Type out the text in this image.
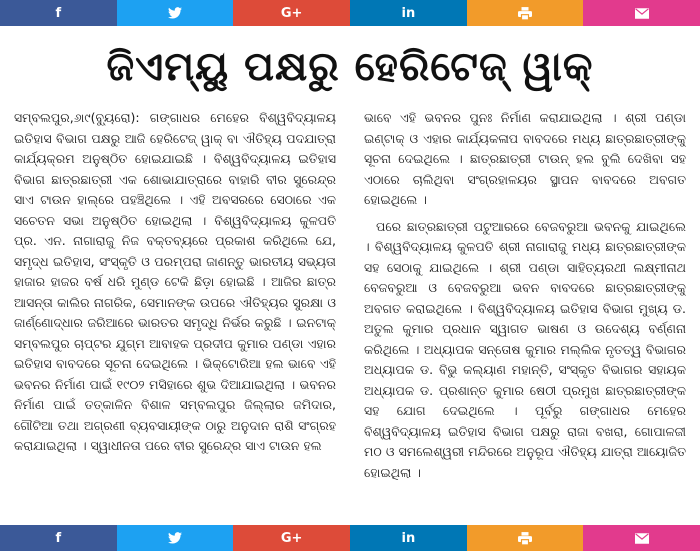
f	G+	in
ଜିଏମ୍‌ୟୁ ପକ୍ଷରୁ ହେରିଟେଜ୍ ୱାକ୍

ସମ୍ବଲପୁର,୬ା୯(ବ୍ୟୁରୋ): ଗଙ୍ଗାଧର ମେହେର ବିଶ୍ୱବିଦ୍ୟାଳୟ ଇତିହାସ ବିଭାଗ ପକ୍ଷରୁ ଆଜି ହେରିଟେଜ୍ ୱାକ୍ ବା ଐତିହ୍ୟ ପଦଯାତ୍ରା କାର୍ଯ୍ୟକ୍ରମ ଅନୁଷ୍ଠିତ ହୋଇଯାଇଛି । ବିଶ୍ୱବିଦ୍ୟାଳୟ ଇତିହାସ ବିଭାଗ ଛାତ୍ରଛାତ୍ରୀ ଏକ ଶୋଭାଯାତ୍ରାରେ ବାହାରି ବୀର ସୁରେନ୍ଦ୍ର ସାଏ ଟାଉନ ହାଲ୍‌ରେ ପହଞ୍ଚିଥିଲେ । ଏହି ଅବସରରେ ସେଠାରେ ଏକ ସଚେତନ ସଭା ଅନୁଷ୍ଠିତ ହୋଇଥିଲା । ବିଶ୍ୱବିଦ୍ୟାଳୟ କୁଳପତି ପ୍ର. ଏନ. ନାଗାରାଜୁ ନିଜ ବକ୍ତବ୍ୟରେ ପ୍ରକାଶ କରିଥିଲେ ଯେ, ସମୃଦ୍ଧ ଇତିହାସ, ସଂସ୍କୃତି ଓ ପରମ୍ପରା ଜାଣନ୍ତୁ ଭାରତୀୟ ସଭ୍ୟତା ହାଜାର ହାଜର ବର୍ଷ ଧରି ମୁଣ୍ଡ ଟେକି ଛିଡ଼ା ହୋଇଛି । ଆଜିର ଛାତ୍ର ଆସନ୍ତା କାଲିର ନାଗରିକ, ସେମାନଙ୍କ ଉପରେ ଐତିହ୍ୟର ସୁରକ୍ଷା ଓ ଜାର୍ଣ୍ଣୋଦ୍ଧାର ଜରିଆରେ ଭାରତର ସମୃଦ୍ଧି ନିର୍ଭର କରୁଛି । ଇନଟାକ୍ ସମ୍ବଲପୁର ଚାପ୍ଟର ଯୁଗ୍ମ ଆବାହକ ପ୍ରଦୀପ କୁମାର ପଣ୍ଡା ଏହାର ଇତିହାସ ବାବଦରେ ସୂଚନା ଦେଇଥିଲେ । ଭିକ୍ଟୋରିଆ ହଲ ଭାବେ ଏହି ଭବନର ନିର୍ମାଣ ପାଇଁ ୧୯୦୨ ମସିହାରେ ଶୁଭ ଦିଆଯାଇଥିଲା । ଭବନର ନିର୍ମାଣ ପାଇଁ ତତ୍କାଳିନ ବିଶାଳ ସମ୍ବଲପୁର ଜିଲ୍ଲାର ଜମିଦାର, ଗୌଟିଆ ତଥା ଅଗ୍ରଣୀ ବ୍ୟବସାୟୀଙ୍କ ଠାରୁ ଅନୁଦାନ ରାଶି ସଂଗ୍ରହ କରାଯାଇଥିଲା । ସ୍ୱାଧୀନତା ପରେ ବୀର ସୁରେନ୍ଦ୍ର ସାଏ ଟାଉନ ହଲ

ଭାବେ ଏହି ଭବନର ପୁନଃ ନିର୍ମାଣ କରାଯାଇଥିଲା । ଶ୍ରୀ ପଣ୍ଡା ଇଣ୍ଟାକ୍ ଓ ଏହାର କାର୍ଯ୍ୟକଳାପ ବାବଦରେ ମଧ୍ୟ ଛାତ୍ରଛାତ୍ରୀଙ୍କୁ ସୂଚନା ଦେଇଥିଲେ । ଛାତ୍ରଛାତ୍ରୀ ଟାଉନ୍ ହଲ ବୁଲି ଦେଖିବା ସହ ଏଠାରେ ଚାଲିଥିବା ସଂଗ୍ରହାଳୟର ସ୍ଥାପନ ବାବଦରେ ଅବଗତ ହୋଇଥିଲେ ।

ପରେ ଛାତ୍ରଛାତ୍ରୀ ପଟୁଆରରେ ବେଜବରୁଆ ଭବନକୁ ଯାଇଥିଲେ । ବିଶ୍ୱବିଦ୍ୟାଳୟ କୁଳପତି ଶ୍ରୀ ନାଗାରାଜୁ ମଧ୍ୟ ଛାତ୍ରଛାତ୍ରୀଙ୍କ ସହ ସେଠାକୁ ଯାଇଥିଲେ । ଶ୍ରୀ ପଣ୍ଡା ସାହିତ୍ୟରଥୀ ଲକ୍ଷ୍ମୀନାଥ ବେଜବରୁଆ ଓ ବେଜବରୁଆ ଭବନ ବାବଦରେ ଛାତ୍ରଛାତ୍ରୀଙ୍କୁ ଅବଗତ କରାଇଥିଲେ । ବିଶ୍ୱବିଦ୍ୟାଳୟ ଇତିହାସ ବିଭାଗ ମୁଖ୍ୟ ଡ. ଅତୁଲ କୁମାର ପ୍ରଧାନ ସ୍ୱାଗତ ଭାଷଣ ଓ ଉଦେଶ୍ୟ ବର୍ଣ୍ଣନା କରିଥିଲେ । ଅଧ୍ୟାପକ ସନ୍ତୋଷ କୁମାର ମଲ୍ଲିକ ନୃତତ୍ୱ ବିଭାଗର ଅଧ୍ୟାପକ ଡ. ବିଭୁ କଲ୍ୟାଣ ମହାନ୍ତି, ସଂସ୍କୃତ ବିଭାଗର ସହାୟକ ଅଧ୍ୟାପକ ଡ. ପ୍ରଶାନ୍ତ କୁମାର ଷେଠୀ ପ୍ରମୁଖ ଛାତ୍ରଛାତ୍ରୀଙ୍କ ସହ ଯୋଗ ଦେଇଥିଲେ । ପୂର୍ବରୁ ଗଙ୍ଗାଧର ମେହେର ବିଶ୍ୱବିଦ୍ୟାଳୟ ଇତିହାସ ବିଭାଗ ପକ୍ଷରୁ ରାଜା ବଖରା, ଗୋପାଳଜୀ ମଠ ଓ ସମଲେଶ୍ୱରୀ ମନ୍ଦିରରେ ଅନୁରୂପ ଐତିହ୍ୟ ଯାତ୍ରା ଆୟୋଜିତ ହୋଇଥିଲା ।

f	G+	in
